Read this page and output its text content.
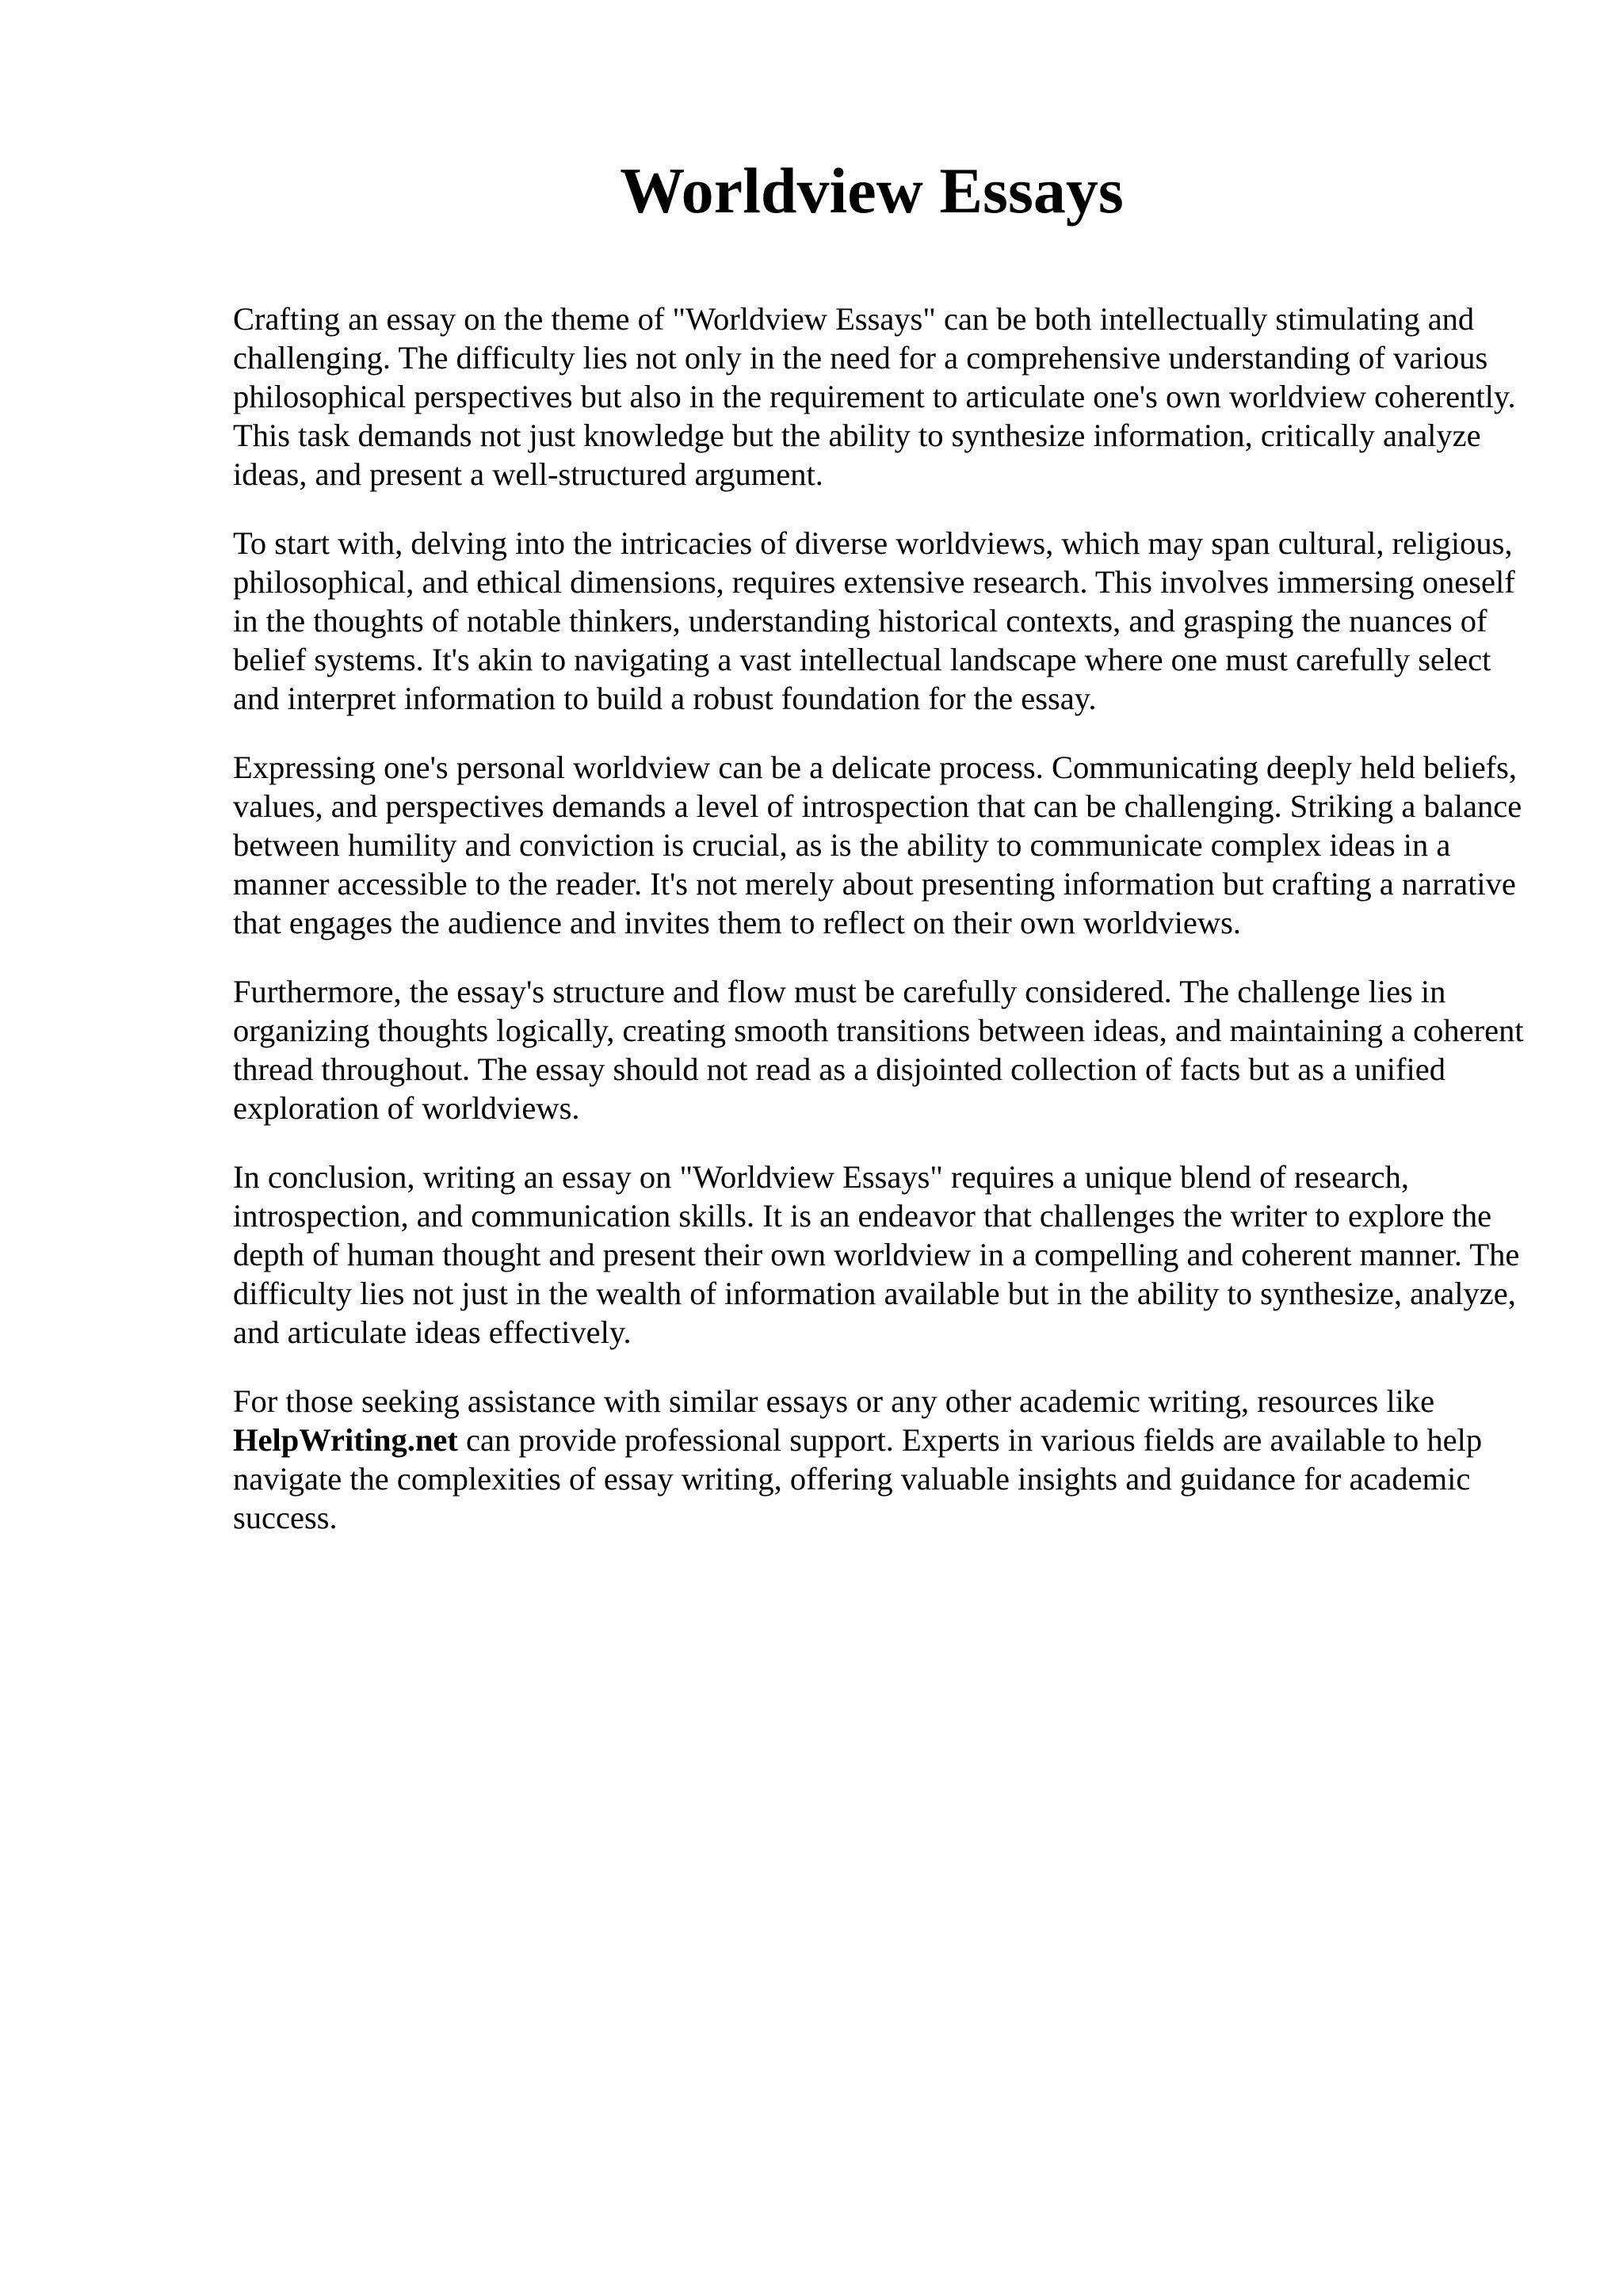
Worldview Essays

Crafting an essay on the theme of "Worldview Essays" can be both intellectually stimulating and challenging. The difficulty lies not only in the need for a comprehensive understanding of various philosophical perspectives but also in the requirement to articulate one's own worldview coherently. This task demands not just knowledge but the ability to synthesize information, critically analyze ideas, and present a well-structured argument.

To start with, delving into the intricacies of diverse worldviews, which may span cultural, religious, philosophical, and ethical dimensions, requires extensive research. This involves immersing oneself in the thoughts of notable thinkers, understanding historical contexts, and grasping the nuances of belief systems. It's akin to navigating a vast intellectual landscape where one must carefully select and interpret information to build a robust foundation for the essay.

Expressing one's personal worldview can be a delicate process. Communicating deeply held beliefs, values, and perspectives demands a level of introspection that can be challenging. Striking a balance between humility and conviction is crucial, as is the ability to communicate complex ideas in a manner accessible to the reader. It's not merely about presenting information but crafting a narrative that engages the audience and invites them to reflect on their own worldviews.

Furthermore, the essay's structure and flow must be carefully considered. The challenge lies in organizing thoughts logically, creating smooth transitions between ideas, and maintaining a coherent thread throughout. The essay should not read as a disjointed collection of facts but as a unified exploration of worldviews.

In conclusion, writing an essay on "Worldview Essays" requires a unique blend of research, introspection, and communication skills. It is an endeavor that challenges the writer to explore the depth of human thought and present their own worldview in a compelling and coherent manner. The difficulty lies not just in the wealth of information available but in the ability to synthesize, analyze, and articulate ideas effectively.

For those seeking assistance with similar essays or any other academic writing, resources like HelpWriting.net can provide professional support. Experts in various fields are available to help navigate the complexities of essay writing, offering valuable insights and guidance for academic success.
